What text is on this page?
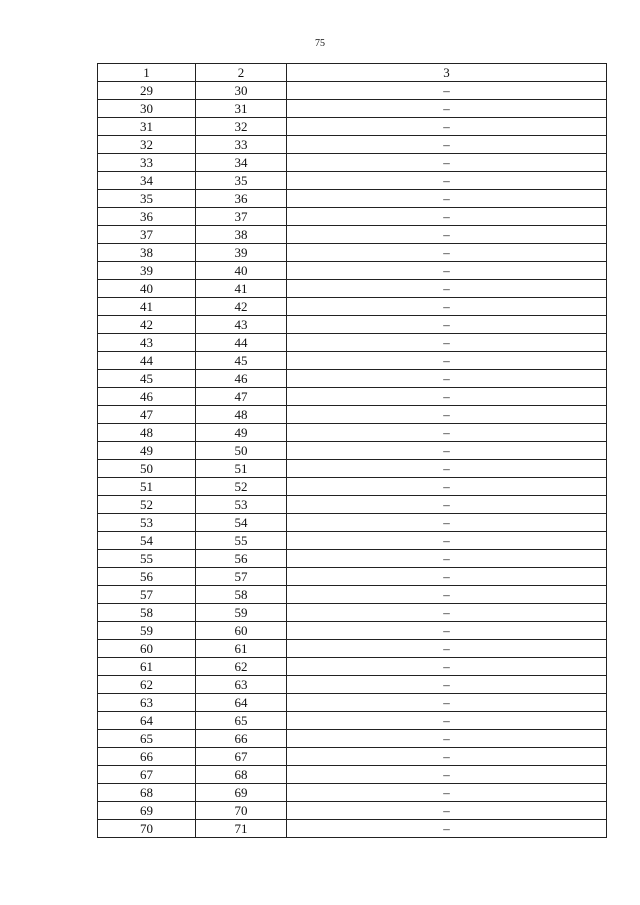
75
1	2	3
29	30	–
30	31	–
31	32	–
32	33	–
33	34	–
34	35	–
35	36	–
36	37	–
37	38	–
38	39	–
39	40	–
40	41	–
41	42	–
42	43	–
43	44	–
44	45	–
45	46	–
46	47	–
47	48	–
48	49	–
49	50	–
50	51	–
51	52	–
52	53	–
53	54	–
54	55	–
55	56	–
56	57	–
57	58	–
58	59	–
59	60	–
60	61	–
61	62	–
62	63	–
63	64	–
64	65	–
65	66	–
66	67	–
67	68	–
68	69	–
69	70	–
70	71	–
